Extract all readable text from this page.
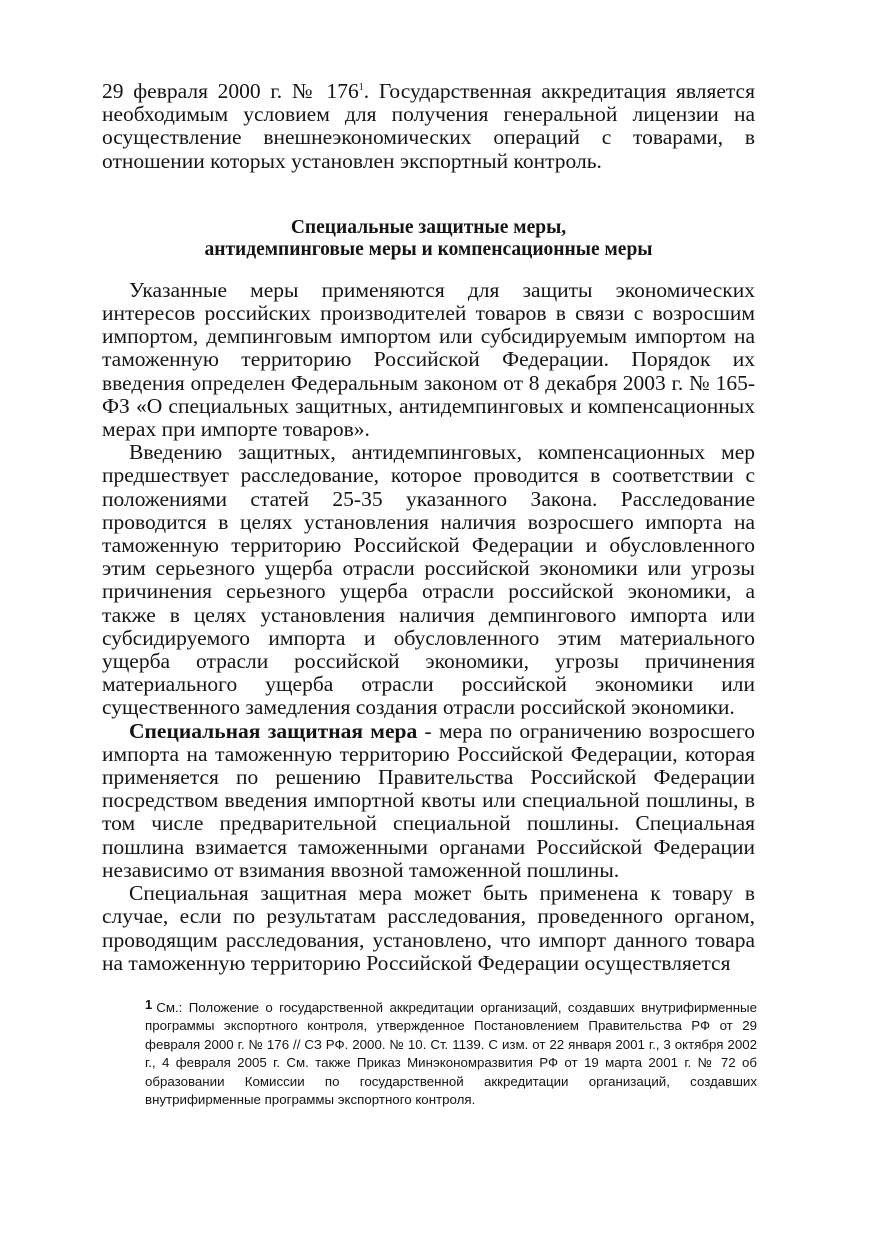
29 февраля 2000 г. № $176^1$. Государственная аккредитация является необходимым условием для получения генеральной лицензии на осуществление внешнеэкономических операций с товарами, в отношении которых установлен экспортный контроль.

Специальные защитные меры,
антидемпинговые меры и компенсационные меры

Указанные меры применяются для защиты экономических интересов российских производителей товаров в связи с возросшим импортом, демпинговым импортом или субсидируемым импортом на таможенную территорию Российской Федерации. Порядок их введения определен Федеральным законом от 8 декабря 2003 г. № 165-ФЗ «О специальных защитных, антидемпинговых и компенсационных мерах при импорте товаров».

Введению защитных, антидемпинговых, компенсационных мер предшествует расследование, которое проводится в соответствии с положениями статей 25-35 указанного Закона. Расследование проводится в целях установления наличия возросшего импорта на таможенную территорию Российской Федерации и обусловленного этим серьезного ущерба отрасли российской экономики или угрозы причинения серьезного ущерба отрасли российской экономики, а также в целях установления наличия демпингового импорта или субсидируемого импорта и обусловленного этим материального ущерба отрасли российской экономики, угрозы причинения материального ущерба отрасли российской экономики или существенного замедления создания отрасли российской экономики.

Специальная защитная мера - мера по ограничению возросшего импорта на таможенную территорию Российской Федерации, которая применяется по решению Правительства Российской Федерации посредством введения импортной квоты или специальной пошлины, в том числе предварительной специальной пошлины. Специальная пошлина взимается таможенными органами Российской Федерации независимо от взимания ввозной таможенной пошлины.

Специальная защитная мера может быть применена к товару в случае, если по результатам расследования, проведенного органом, проводящим расследования, установлено, что импорт данного товара на таможенную территорию Российской Федерации осуществляется

1 См.: Положение о государственной аккредитации организаций, создавших внутрифирменные программы экспортного контроля, утвержденное Постановлением Правительства РФ от 29 февраля 2000 г. № 176 // СЗ РФ. 2000. № 10. Ст. 1139. С изм. от 22 января 2001 г., 3 октября 2002 г., 4 февраля 2005 г. См. также Приказ Минэкономразвития РФ от 19 марта 2001 г. № 72 об образовании Комиссии по государственной аккредитации организаций, создавших внутрифирменные программы экспортного контроля.
